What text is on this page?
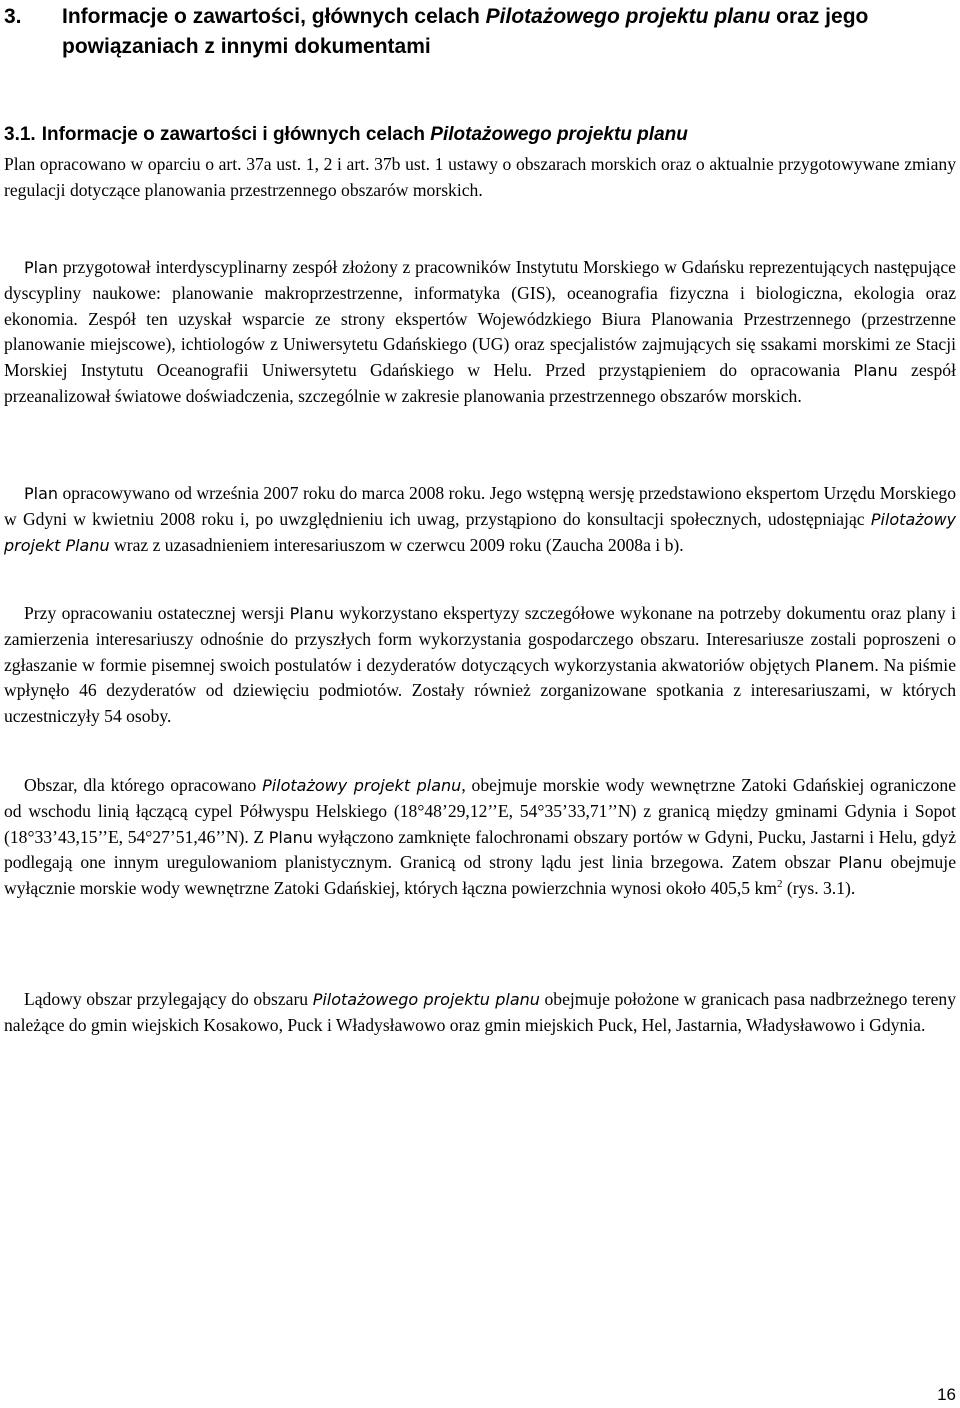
3. Informacje o zawartości, głównych celach Pilotażowego projektu planu oraz jego powiązaniach z innymi dokumentami
3.1. Informacje o zawartości i głównych celach Pilotażowego projektu planu

Plan opracowano w oparciu o art. 37a ust. 1, 2 i art. 37b ust. 1 ustawy o obszarach morskich oraz o aktualnie przygotowywane zmiany regulacji dotyczące planowania przestrzennego obszarów morskich.

Plan przygotował interdyscyplinarny zespół złożony z pracowników Instytutu Morskiego w Gdańsku reprezentujących następujące dyscypliny naukowe: planowanie makroprzestrzenne, informatyka (GIS), oceanografia fizyczna i biologiczna, ekologia oraz ekonomia. Zespół ten uzyskał wsparcie ze strony ekspertów Wojewódzkiego Biura Planowania Przestrzennego (przestrzenne planowanie miejscowe), ichtiologów z Uniwersytetu Gdańskiego (UG) oraz specjalistów zajmujących się ssakami morskimi ze Stacji Morskiej Instytutu Oceanografii Uniwersytetu Gdańskiego w Helu. Przed przystąpieniem do opracowania Planu zespół przeanalizował światowe doświadczenia, szczególnie w zakresie planowania przestrzennego obszarów morskich.

Plan opracowywano od września 2007 roku do marca 2008 roku. Jego wstępną wersję przedstawiono ekspertom Urzędu Morskiego w Gdyni w kwietniu 2008 roku i, po uwzględnieniu ich uwag, przystąpiono do konsultacji społecznych, udostępniając Pilotażowy projekt Planu wraz z uzasadnieniem interesariuszom w czerwcu 2009 roku (Zaucha 2008a i b).

Przy opracowaniu ostatecznej wersji Planu wykorzystano ekspertyzy szczegółowe wykonane na potrzeby dokumentu oraz plany i zamierzenia interesariuszy odnośnie do przyszłych form wykorzystania gospodarczego obszaru. Interesariusze zostali poproszeni o zgłaszanie w formie pisemnej swoich postulatów i dezyderatów dotyczących wykorzystania akwatoriów objętych Planem. Na piśmie wpłynęło 46 dezyderatów od dziewięciu podmiotów. Zostały również zorganizowane spotkania z interesariuszami, w których uczestniczyły 54 osoby.

Obszar, dla którego opracowano Pilotażowy projekt planu, obejmuje morskie wody wewnętrzne Zatoki Gdańskiej ograniczone od wschodu linią łączącą cypel Półwyspu Helskiego (18°48’29,12’’E, 54°35’33,71’’N) z granicą między gminami Gdynia i Sopot (18°33’43,15’’E, 54°27’51,46’’N). Z Planu wyłączono zamknięte falochronami obszary portów w Gdyni, Pucku, Jastarni i Helu, gdyż podlegają one innym uregulowaniom planistycznym. Granicą od strony lądu jest linia brzegowa. Zatem obszar Planu obejmuje wyłącznie morskie wody wewnętrzne Zatoki Gdańskiej, których łączna powierzchnia wynosi około 405,5 $km^2$ (rys. 3.1).

Lądowy obszar przylegający do obszaru Pilotażowego projektu planu obejmuje położone w granicach pasa nadbrzeżnego tereny należące do gmin wiejskich Kosakowo, Puck i Władysławowo oraz gmin miejskich Puck, Hel, Jastarnia, Władysławowo i Gdynia.

16
